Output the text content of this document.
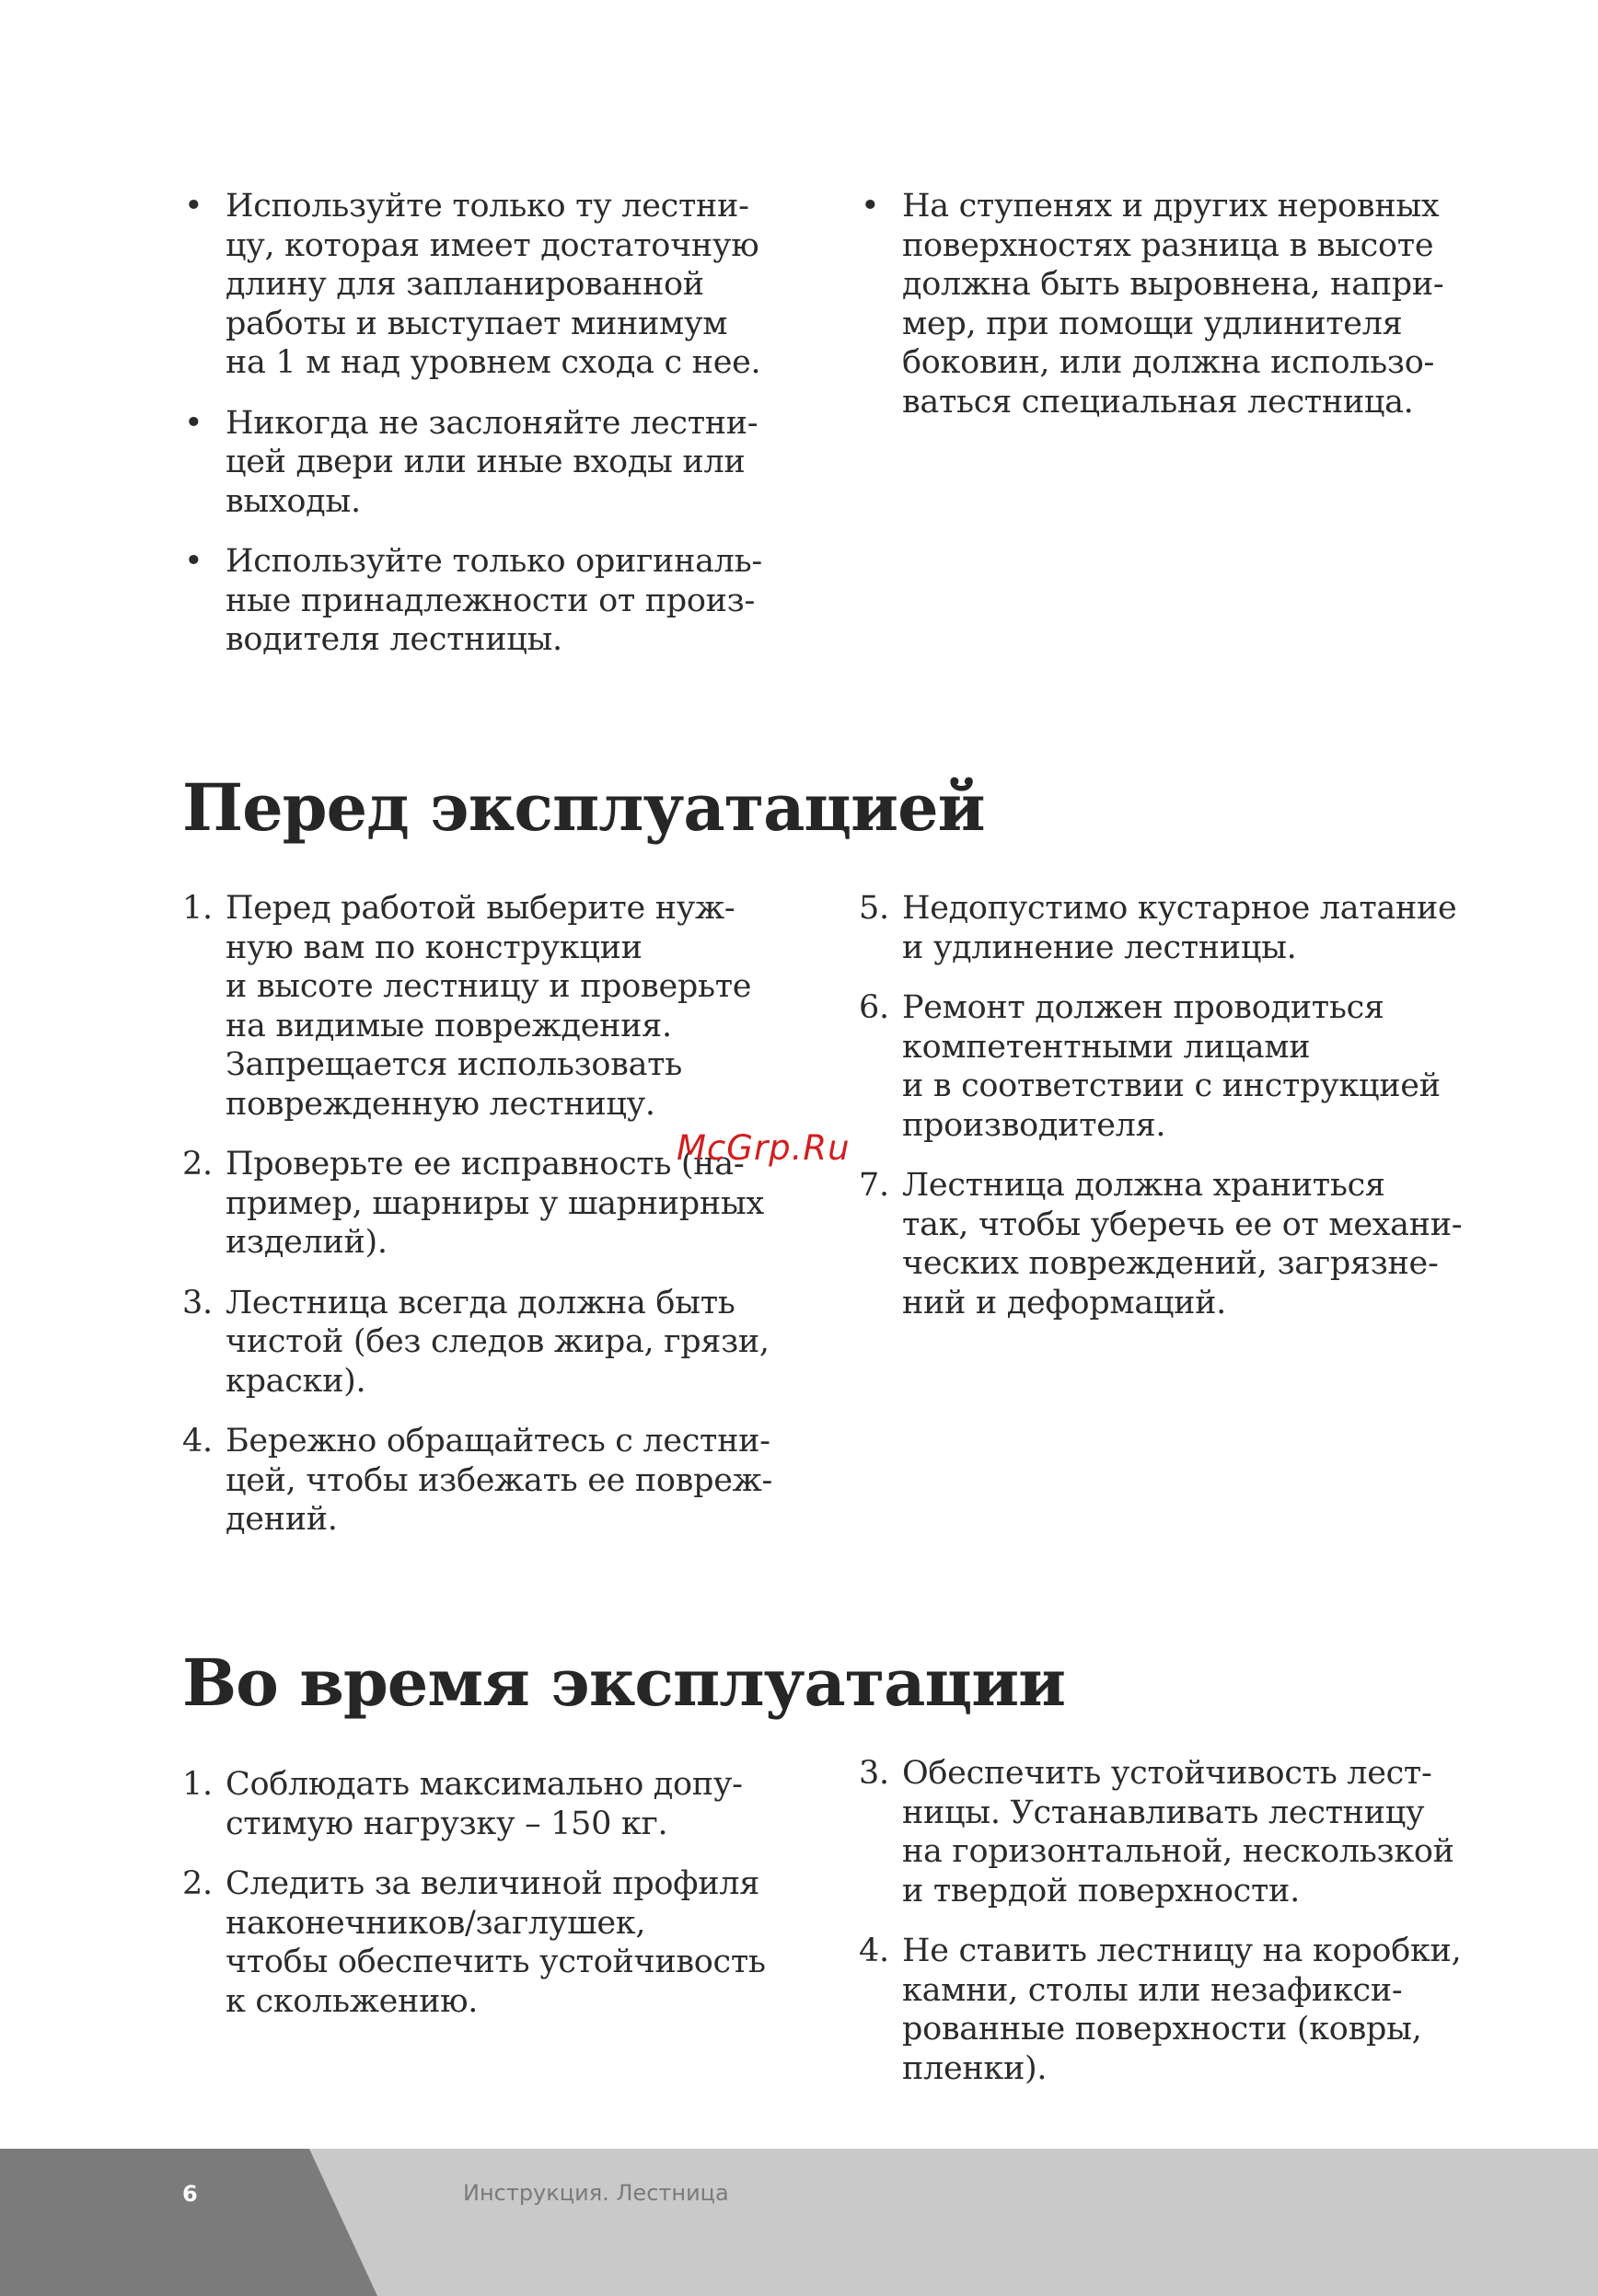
• Используйте только ту лестни-
цу, которая имеет достаточную
длину для запланированной
работы и выступает минимум
на 1 м над уровнем схода с нее.
• Никогда не заслоняйте лестни-
цей двери или иные входы или
выходы.
• Используйте только оригиналь-
ные принадлежности от произ-
водителя лестницы.
• На ступенях и других неровных
поверхностях разница в высоте
должна быть выровнена, напри-
мер, при помощи удлинителя
боковин, или должна использо-
ваться специальная лестница.
Перед эксплуатацией
1. Перед работой выберите нуж-
ную вам по конструкции
и высоте лестницу и проверьте
на видимые повреждения.
Запрещается использовать
поврежденную лестницу.
2. Проверьте ее исправность (на-
пример, шарниры у шарнирных
изделий).
3. Лестница всегда должна быть
чистой (без следов жира, грязи,
краски).
4. Бережно обращайтесь с лестни-
цей, чтобы избежать ее повреж-
дений.
5. Недопустимо кустарное латание
и удлинение лестницы.
6. Ремонт должен проводиться
компетентными лицами
и в соответствии с инструкцией
производителя.
7. Лестница должна храниться
так, чтобы уберечь ее от механи-
ческих повреждений, загрязне-
ний и деформаций.
McGrp.Ru
Во время эксплуатации
1. Соблюдать максимально допу-
стимую нагрузку – 150 кг.
2. Следить за величиной профиля
наконечников/заглушек,
чтобы обеспечить устойчивость
к скольжению.
3. Обеспечить устойчивость лест-
ницы. Устанавливать лестницу
на горизонтальной, нескользкой
и твердой поверхности.
4. Не ставить лестницу на коробки,
камни, столы или незафикси-
рованные поверхности (ковры,
пленки).
6	Инструкция. Лестница
